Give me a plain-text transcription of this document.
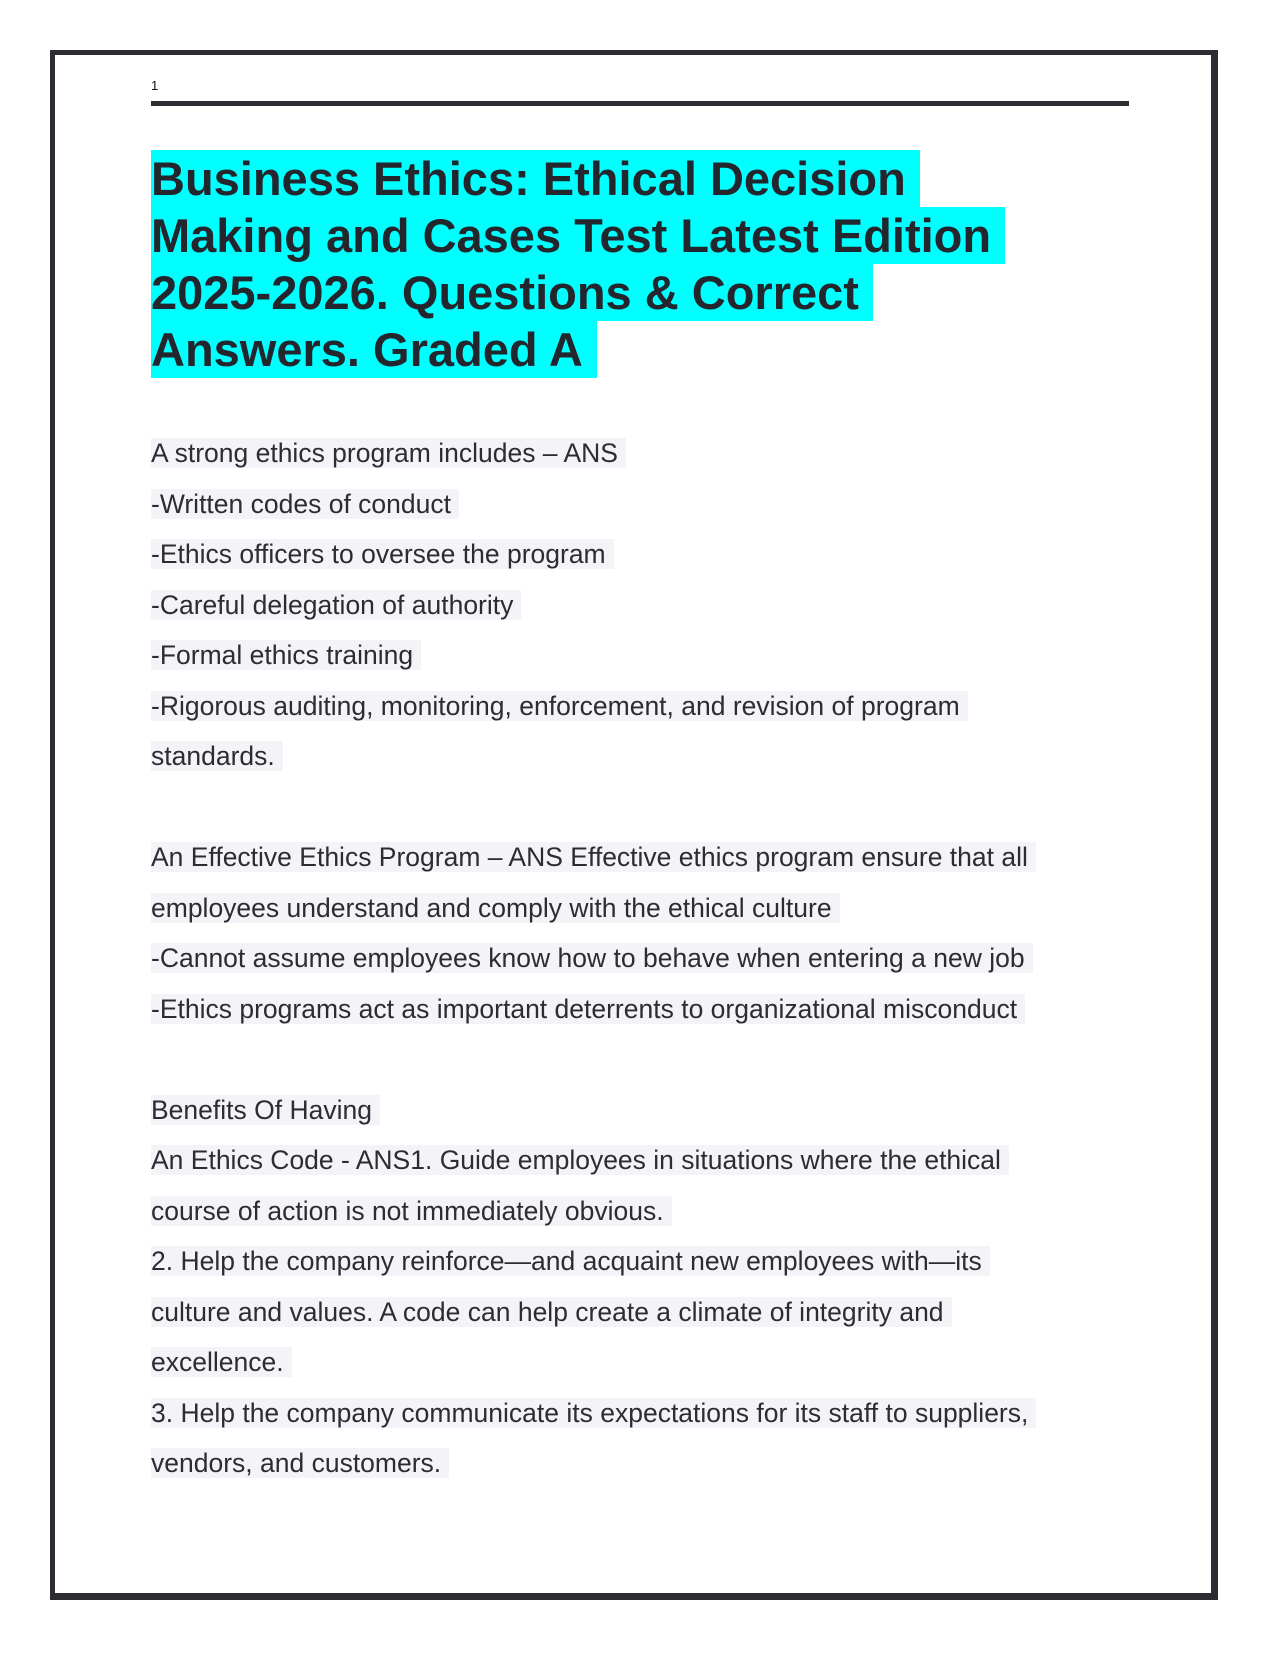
1
Business Ethics: Ethical Decision
Making and Cases Test Latest Edition
2025-2026. Questions & Correct
Answers. Graded A
A strong ethics program includes – ANS
-Written codes of conduct
-Ethics officers to oversee the program
-Careful delegation of authority
-Formal ethics training
-Rigorous auditing, monitoring, enforcement, and revision of program
standards.
An Effective Ethics Program – ANS Effective ethics program ensure that all
employees understand and comply with the ethical culture
-Cannot assume employees know how to behave when entering a new job
-Ethics programs act as important deterrents to organizational misconduct
Benefits Of Having
An Ethics Code - ANS1. Guide employees in situations where the ethical
course of action is not immediately obvious.
2. Help the company reinforce—and acquaint new employees with—its
culture and values. A code can help create a climate of integrity and
excellence.
3. Help the company communicate its expectations for its staff to suppliers,
vendors, and customers.
